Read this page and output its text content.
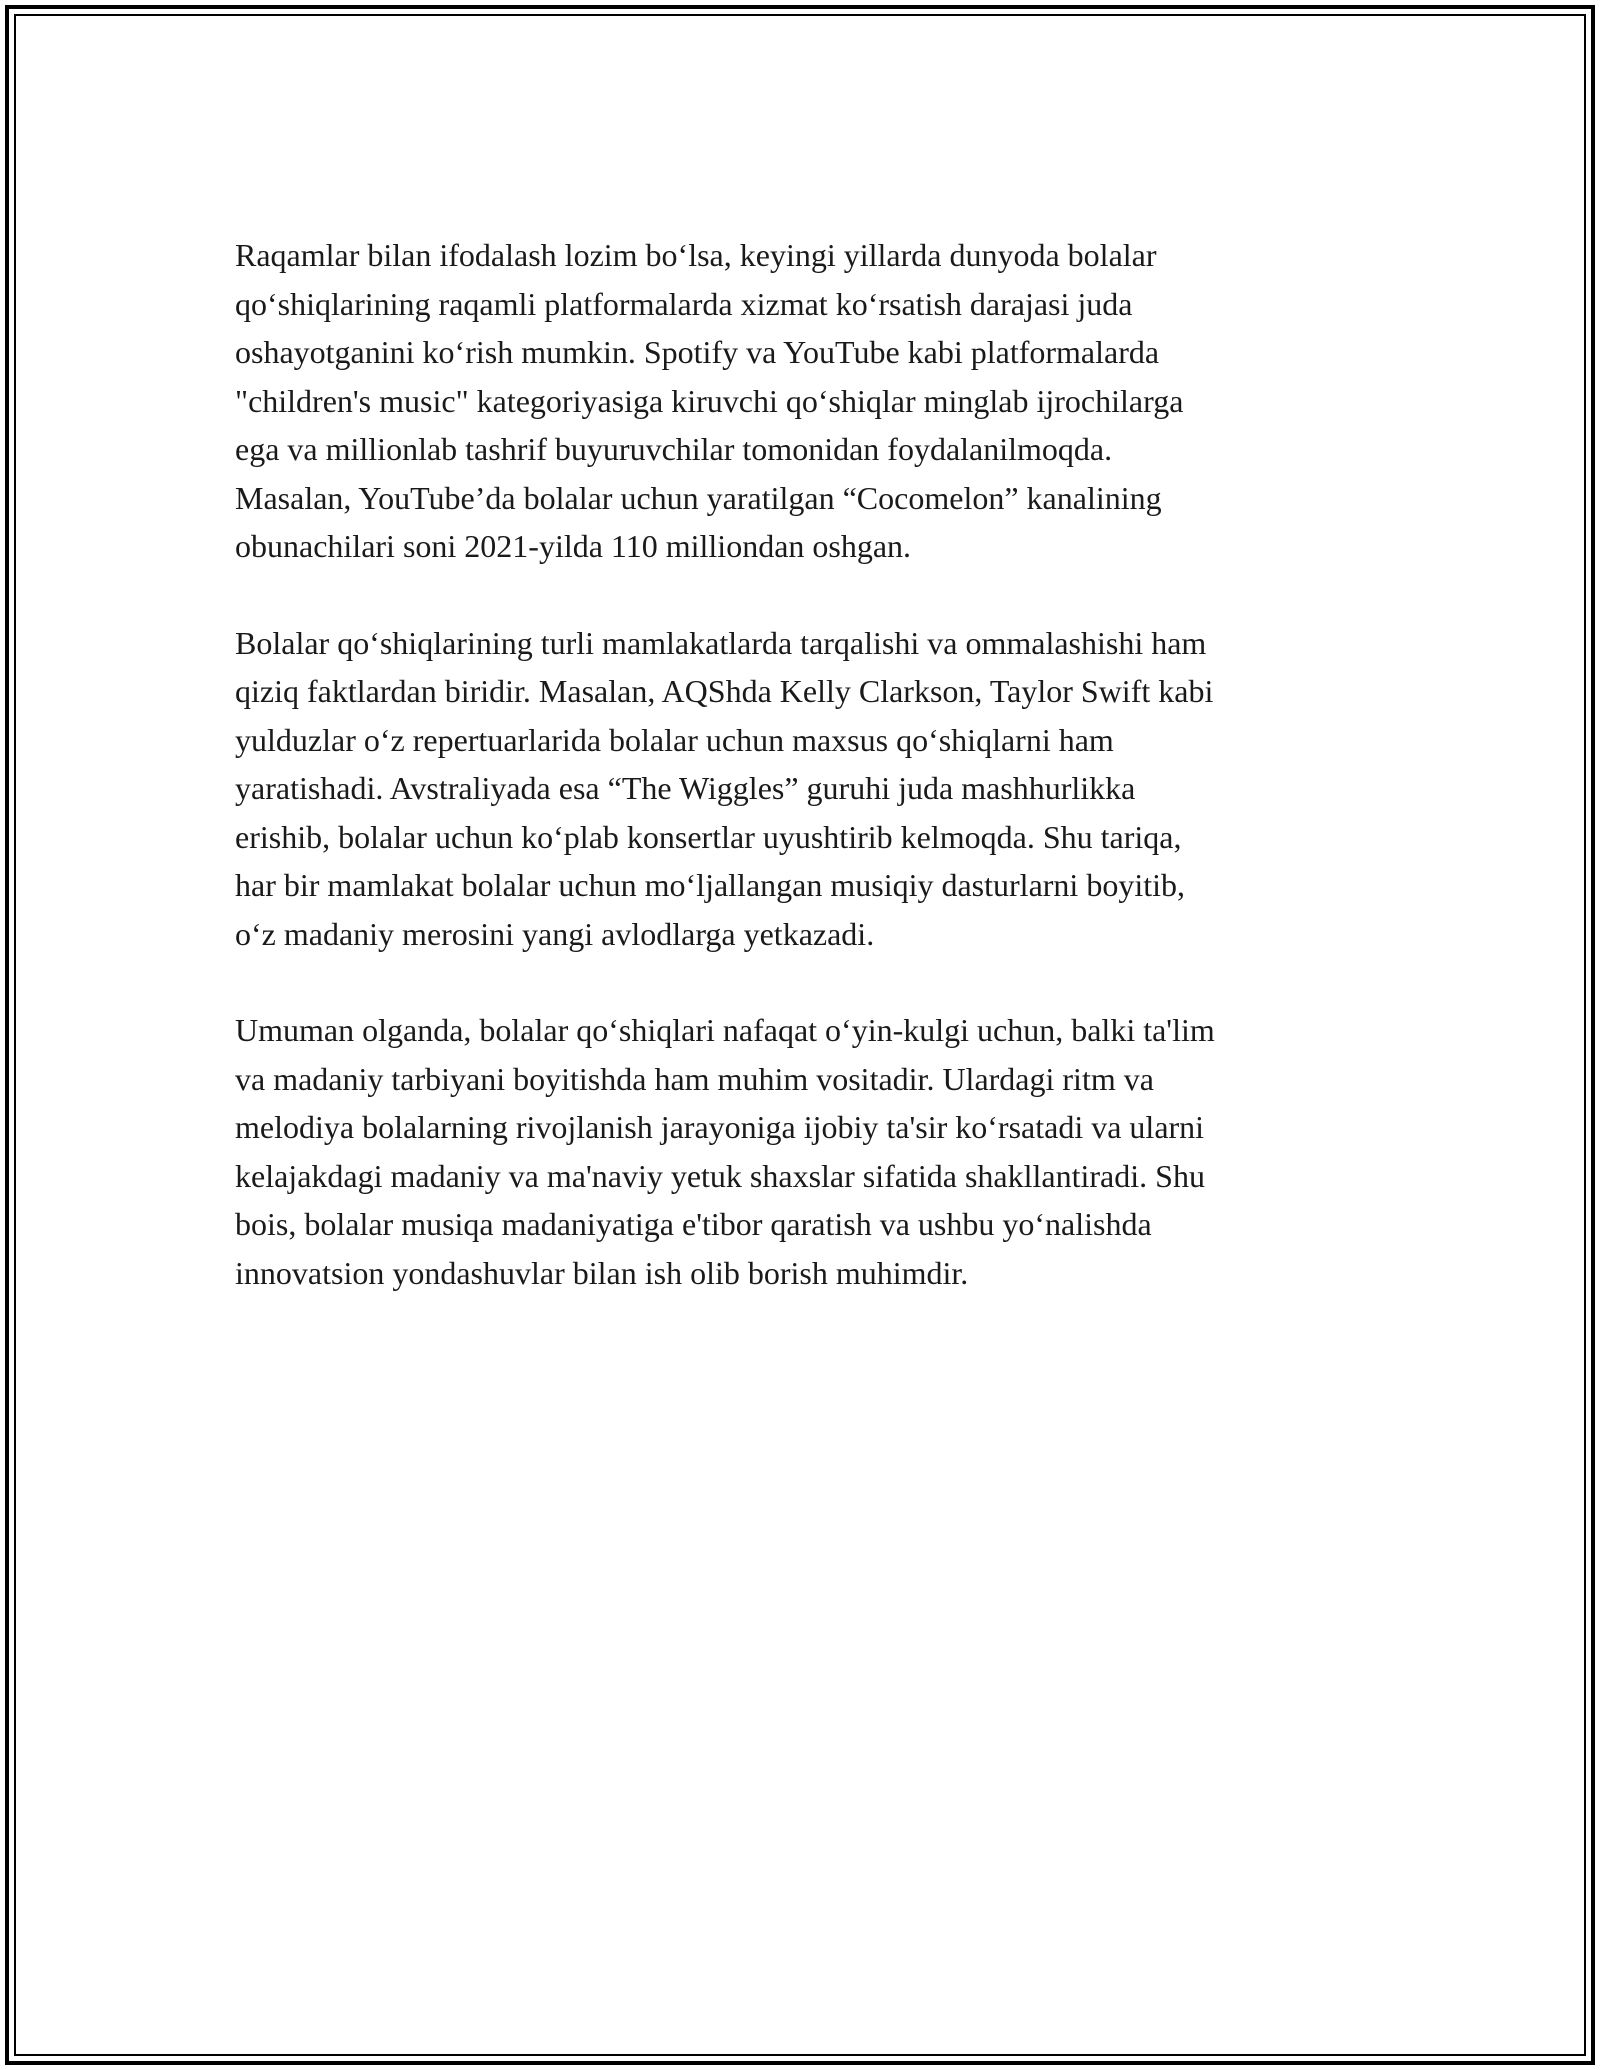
Raqamlar bilan ifodalash lozim bo‘lsa, keyingi yillarda dunyoda bolalar
qo‘shiqlarining raqamli platformalarda xizmat ko‘rsatish darajasi juda
oshayotganini ko‘rish mumkin. Spotify va YouTube kabi platformalarda
"children's music" kategoriyasiga kiruvchi qo‘shiqlar minglab ijrochilarga
ega va millionlab tashrif buyuruvchilar tomonidan foydalanilmoqda.
Masalan, YouTube’da bolalar uchun yaratilgan “Cocomelon” kanalining
obunachilari soni 2021-yilda 110 milliondan oshgan.

Bolalar qo‘shiqlarining turli mamlakatlarda tarqalishi va ommalashishi ham
qiziq faktlardan biridir. Masalan, AQShda Kelly Clarkson, Taylor Swift kabi
yulduzlar o‘z repertuarlarida bolalar uchun maxsus qo‘shiqlarni ham
yaratishadi. Avstraliyada esa “The Wiggles” guruhi juda mashhurlikka
erishib, bolalar uchun ko‘plab konsertlar uyushtirib kelmoqda. Shu tariqa,
har bir mamlakat bolalar uchun mo‘ljallangan musiqiy dasturlarni boyitib,
o‘z madaniy merosini yangi avlodlarga yetkazadi.

Umuman olganda, bolalar qo‘shiqlari nafaqat o‘yin-kulgi uchun, balki ta'lim
va madaniy tarbiyani boyitishda ham muhim vositadir. Ulardagi ritm va
melodiya bolalarning rivojlanish jarayoniga ijobiy ta'sir ko‘rsatadi va ularni
kelajakdagi madaniy va ma'naviy yetuk shaxslar sifatida shakllantiradi. Shu
bois, bolalar musiqa madaniyatiga e'tibor qaratish va ushbu yo‘nalishda
innovatsion yondashuvlar bilan ish olib borish muhimdir.
